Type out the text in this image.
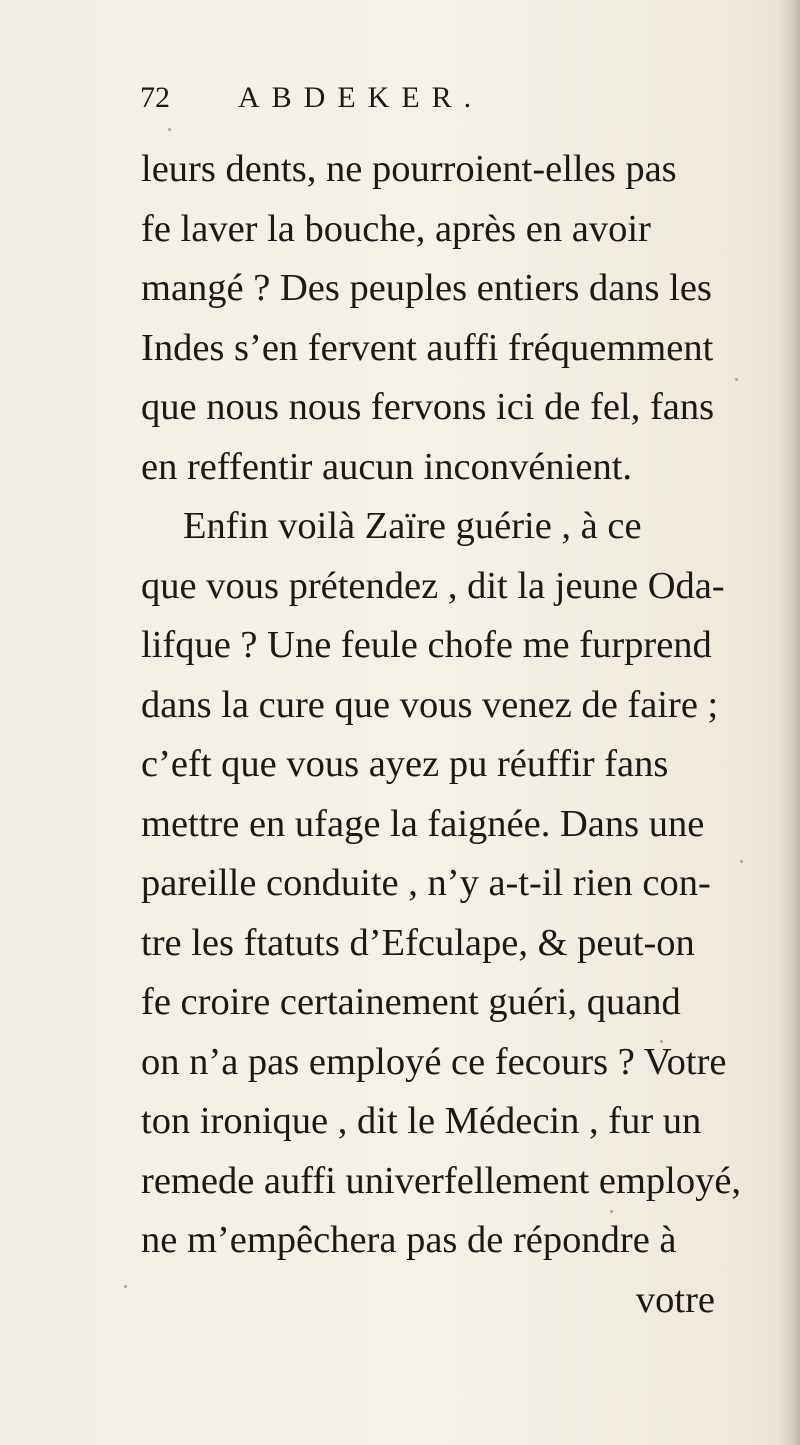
72 ABDEKER.
leurs dents, ne pourroient-elles pas
fe laver la bouche, après en avoir
mangé ? Des peuples entiers dans les
Indes s’en fervent auffi fréquemment
que nous nous fervons ici de fel, fans
en reffentir aucun inconvénient.
Enfin voilà Zaïre guérie , à ce
que vous prétendez , dit la jeune Oda-
lifque ? Une feule chofe me furprend
dans la cure que vous venez de faire ;
c’eft que vous ayez pu réuffir fans
mettre en ufage la faignée. Dans une
pareille conduite , n’y a-t-il rien con-
tre les ftatuts d’Efculape, & peut-on
fe croire certainement guéri, quand
on n’a pas employé ce fecours ? Votre
ton ironique , dit le Médecin , fur un
remede auffi univerfellement employé,
ne m’empêchera pas de répondre à
votre
